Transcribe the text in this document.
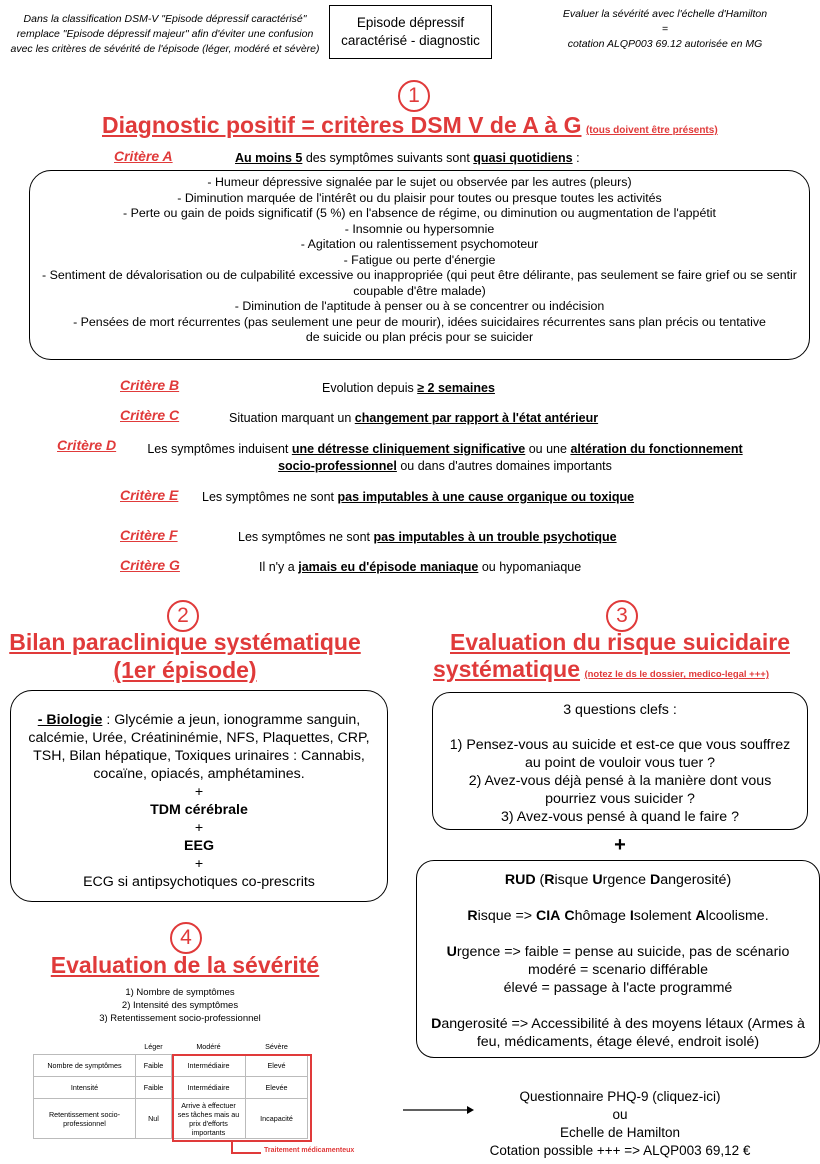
Dans la classification DSM-V "Episode dépressif caractérisé" remplace "Episode dépressif majeur" afin d'éviter une confusion avec les critères de sévérité de l'épisode (léger, modéré et sévère)
Episode dépressif
caractérisé - diagnostic
Evaluer la sévérité avec l'échelle d'Hamilton
=
cotation ALQP003 69.12 autorisée en MG
1
Diagnostic positif = critères DSM V de A à G (tous doivent être présents)
Critère A	Au moins 5 des symptômes suivants sont quasi quotidiens :
- Humeur dépressive signalée par le sujet ou observée par les autres (pleurs)
- Diminution marquée de l'intérêt ou du plaisir pour toutes ou presque toutes les activités
- Perte ou gain de poids significatif (5 %) en l'absence de régime, ou diminution ou augmentation de l'appétit
- Insomnie ou hypersomnie
- Agitation ou ralentissement psychomoteur
- Fatigue ou perte d'énergie
- Sentiment de dévalorisation ou de culpabilité excessive ou inappropriée (qui peut être délirante, pas seulement se faire grief ou se sentir coupable d'être malade)
- Diminution de l'aptitude à penser ou à se concentrer ou indécision
- Pensées de mort récurrentes (pas seulement une peur de mourir), idées suicidaires récurrentes sans plan précis ou tentative de suicide ou plan précis pour se suicider
Critère B	Evolution depuis ≥ 2 semaines
Critère C	Situation marquant un changement par rapport à l'état antérieur
Critère D	Les symptômes induisent une détresse cliniquement significative ou une altération du fonctionnement
socio-professionnel ou dans d'autres domaines importants
Critère E Les symptômes ne sont pas imputables à une cause organique ou toxique
Critère F	Les symptômes ne sont pas imputables à un trouble psychotique
Critère G	Il n'y a jamais eu d'épisode maniaque ou hypomaniaque
2
Bilan paraclinique systématique
(1er épisode)
- Biologie : Glycémie a jeun, ionogramme sanguin, calcémie, Urée, Créatininémie, NFS, Plaquettes, CRP, TSH, Bilan hépatique, Toxiques urinaires : Cannabis, cocaïne, opiacés, amphétamines.
+
TDM cérébrale
+
EEG
+
ECG si antipsychotiques co-prescrits
3
Evaluation du risque suicidaire
systématique (notez le ds le dossier, medico-legal +++)
3 questions clefs :
1) Pensez-vous au suicide et est-ce que vous souffrez au point de vouloir vous tuer ?
2) Avez-vous déjà pensé à la manière dont vous pourriez vous suicider ?
3) Avez-vous pensé à quand le faire ?
+
RUD (Risque Urgence Dangerosité)
Risque => CIA Chômage Isolement Alcoolisme.
Urgence => faible = pense au suicide, pas de scénario
modéré = scenario différable
élevé = passage à l'acte programmé
Dangerosité => Accessibilité à des moyens létaux (Armes à feu, médicaments, étage élevé, endroit isolé)
4
Evaluation de la sévérité
1) Nombre de symptômes
2) Intensité des symptômes
3) Retentissement socio-professionnel
	Léger	Modéré	Sévère
Nombre de symptômes	Faible	Intermédiaire	Elevé
Intensité	Faible	Intermédiaire	Elevée
Retentissement socio-professionnel	Nul	Arrive à effectuer ses tâches mais au prix d'efforts importants	Incapacité
Traitement médicamenteux
Questionnaire PHQ-9 (cliquez-ici)
ou
Echelle de Hamilton
Cotation possible +++ => ALQP003 69,12 €
